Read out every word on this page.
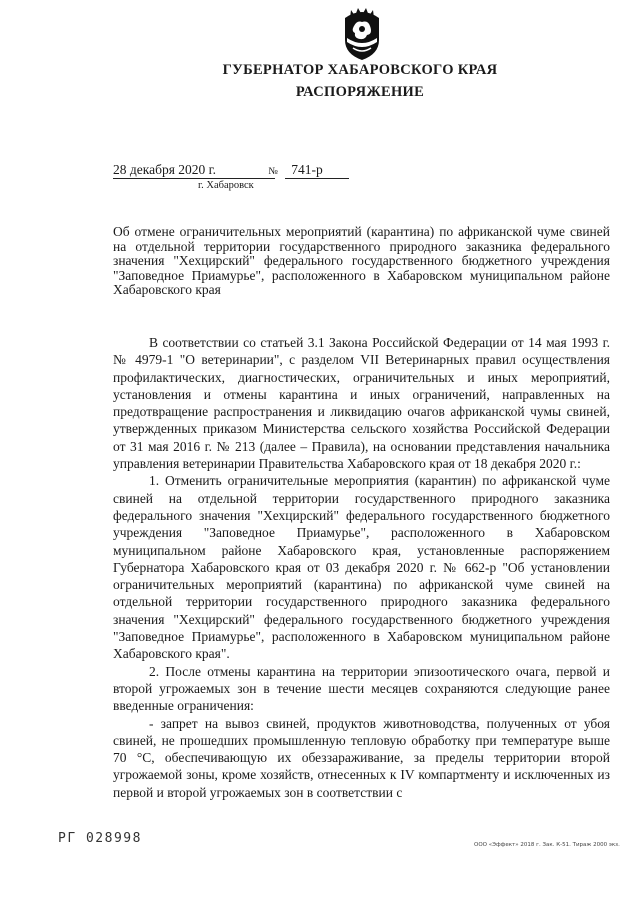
ГУБЕРНАТОР ХАБАРОВСКОГО КРАЯ
РАСПОРЯЖЕНИЕ
28 декабря 2020 г.	№ 741-р
г. Хабаровск
Об отмене ограничительных мероприятий (карантина) по африканской чуме свиней на отдельной территории государственного природного заказника федерального значения "Хехцирский" федерального государственного бюджетного учреждения "Заповедное Приамурье", расположенного в Хабаровском муниципальном районе Хабаровского края

В соответствии со статьей 3.1 Закона Российской Федерации от 14 мая 1993 г. № 4979-1 "О ветеринарии", с разделом VII Ветеринарных правил осуществления профилактических, диагностических, ограничительных и иных мероприятий, установления и отмены карантина и иных ограничений, направленных на предотвращение распространения и ликвидацию очагов африканской чумы свиней, утвержденных приказом Министерства сельского хозяйства Российской Федерации от 31 мая 2016 г. № 213 (далее – Правила), на основании представления начальника управления ветеринарии Правительства Хабаровского края от 18 декабря 2020 г.:

1. Отменить ограничительные мероприятия (карантин) по африканской чуме свиней на отдельной территории государственного природного заказника федерального значения "Хехцирский" федерального государственного бюджетного учреждения "Заповедное Приамурье", расположенного в Хабаровском муниципальном районе Хабаровского края, установленные распоряжением Губернатора Хабаровского края от 03 декабря 2020 г. № 662-р "Об установлении ограничительных мероприятий (карантина) по африканской чуме свиней на отдельной территории государственного природного заказника федерального значения "Хехцирский" федерального государственного бюджетного учреждения "Заповедное Приамурье", расположенного в Хабаровском муниципальном районе Хабаровского края".

2. После отмены карантина на территории эпизоотического очага, первой и второй угрожаемых зон в течение шести месяцев сохраняются следующие ранее введенные ограничения:

- запрет на вывоз свиней, продуктов животноводства, полученных от убоя свиней, не прошедших промышленную тепловую обработку при температуре выше 70 °С, обеспечивающую их обеззараживание, за пределы территории второй угрожаемой зоны, кроме хозяйств, отнесенных к IV компартменту и исключенных из первой и второй угрожаемых зон в соответствии с

РГ 028998	ООО «Эффект» 2018 г. Зак. К-51. Тираж 2000 экз.
